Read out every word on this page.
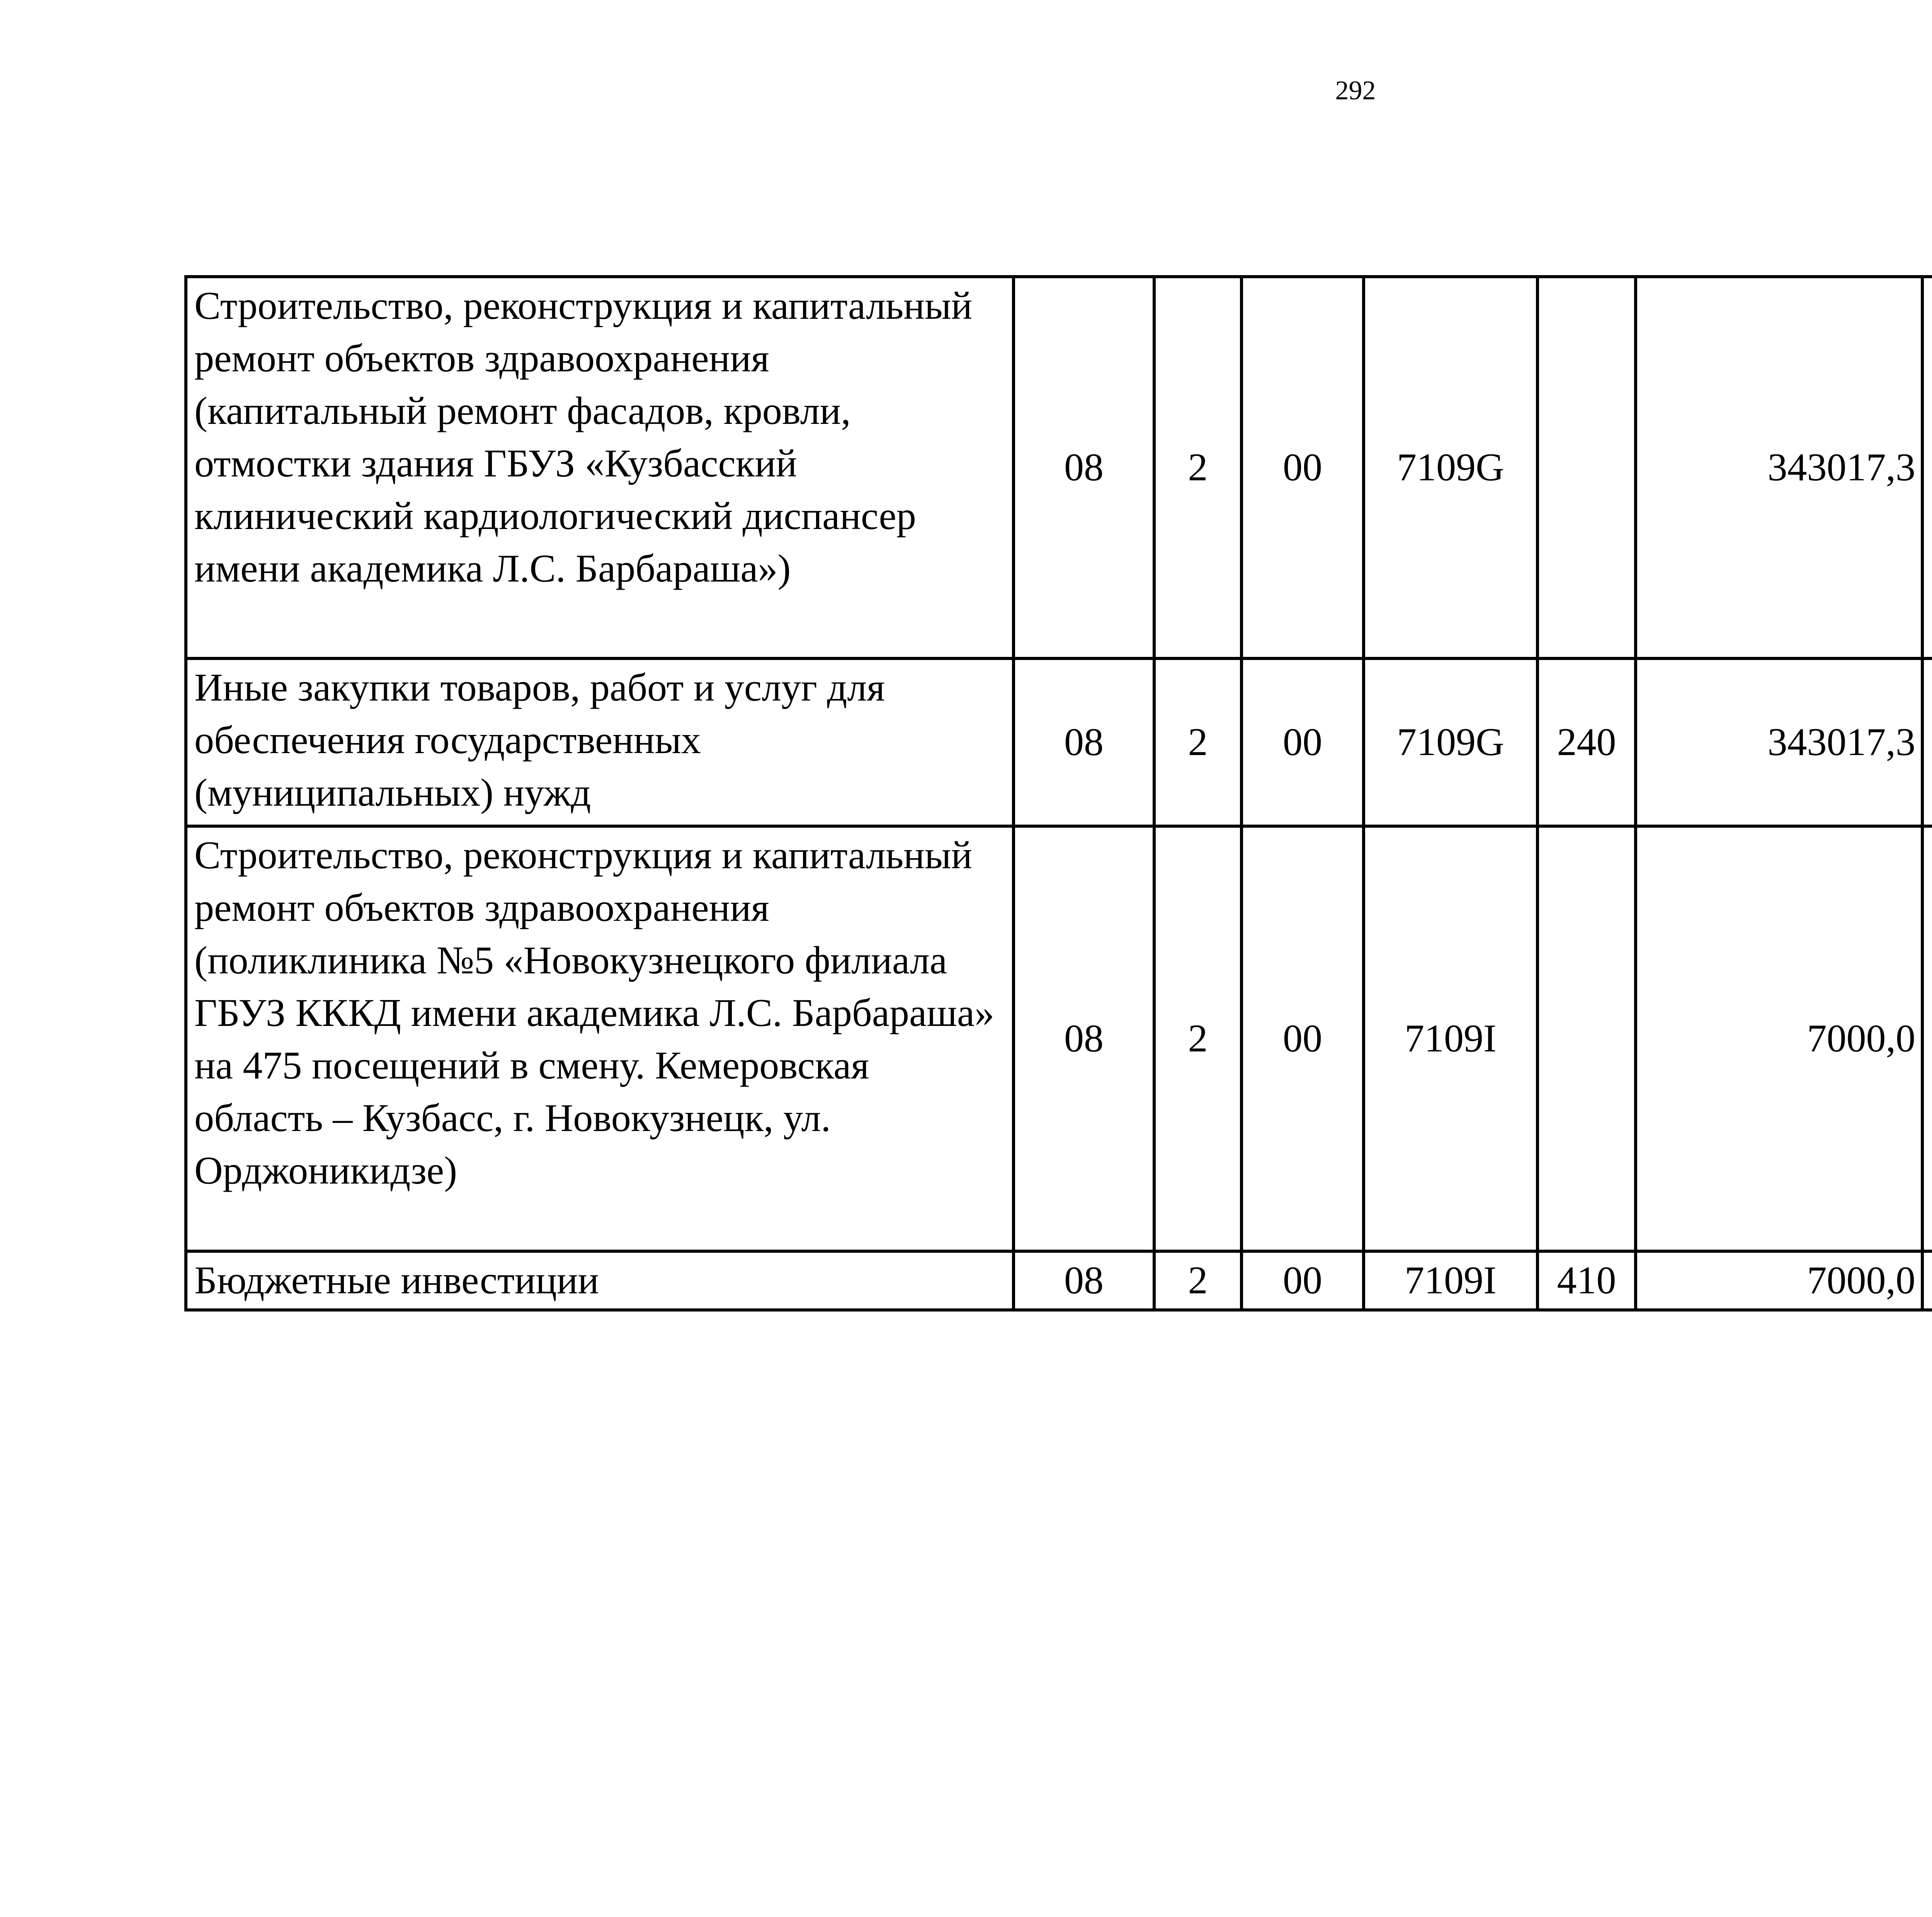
292
Строительство, реконструкция и капитальный ремонт объектов здравоохранения (капитальный ремонт фасадов, кровли, отмостки здания ГБУЗ «Кузбасский клинический кардиологический диспансер имени академика Л.С. Барбараша»)	08	2	00	7109G		343017,3		
Иные закупки товаров, работ и услуг для обеспечения государственных (муниципальных) нужд	08	2	00	7109G	240	343017,3		
Строительство, реконструкция и капитальный ремонт объектов здравоохранения (поликлиника №5 «Новокузнецкого филиала ГБУЗ КККД имени академика Л.С. Барбараша» на 475 посещений в смену. Кемеровская область – Кузбасс, г. Новокузнецк, ул. Орджоникидзе)	08	2	00	7109I		7000,0		
Бюджетные инвестиции	08	2	00	7109I	410	7000,0		
